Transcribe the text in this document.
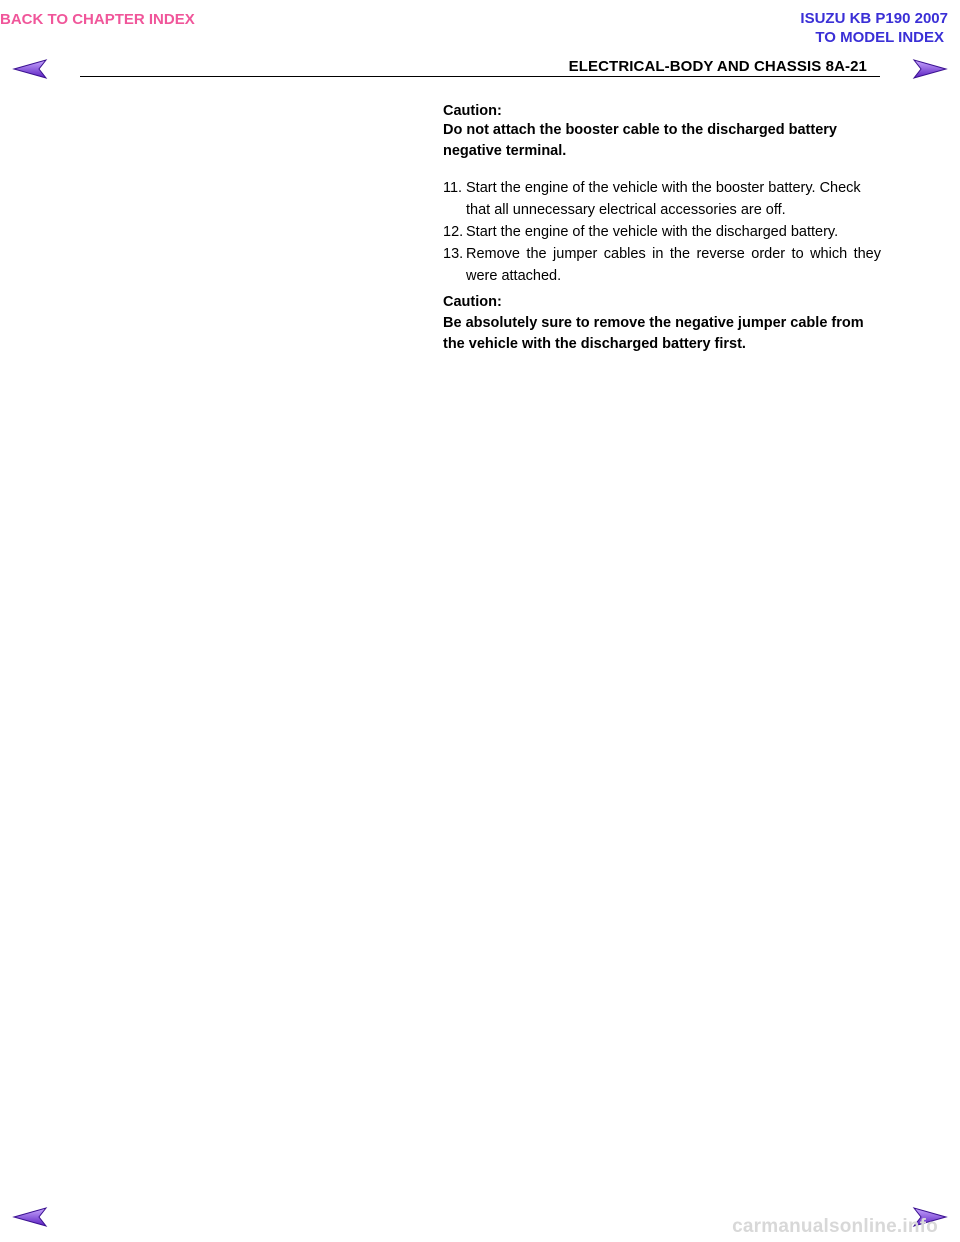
BACK TO CHAPTER INDEX	ISUZU KB P190 2007
TO MODEL INDEX
ELECTRICAL-BODY AND CHASSIS 8A-21
Caution:
Do not attach the booster cable to the discharged battery negative terminal.
11. Start the engine of the vehicle with the booster battery. Check that all unnecessary electrical accessories are off.
12. Start the engine of the vehicle with the discharged battery.
13. Remove the jumper cables in the reverse order to which they were attached.
Caution:
Be absolutely sure to remove the negative jumper cable from the vehicle with the discharged battery first.
carmanualsonline.info
